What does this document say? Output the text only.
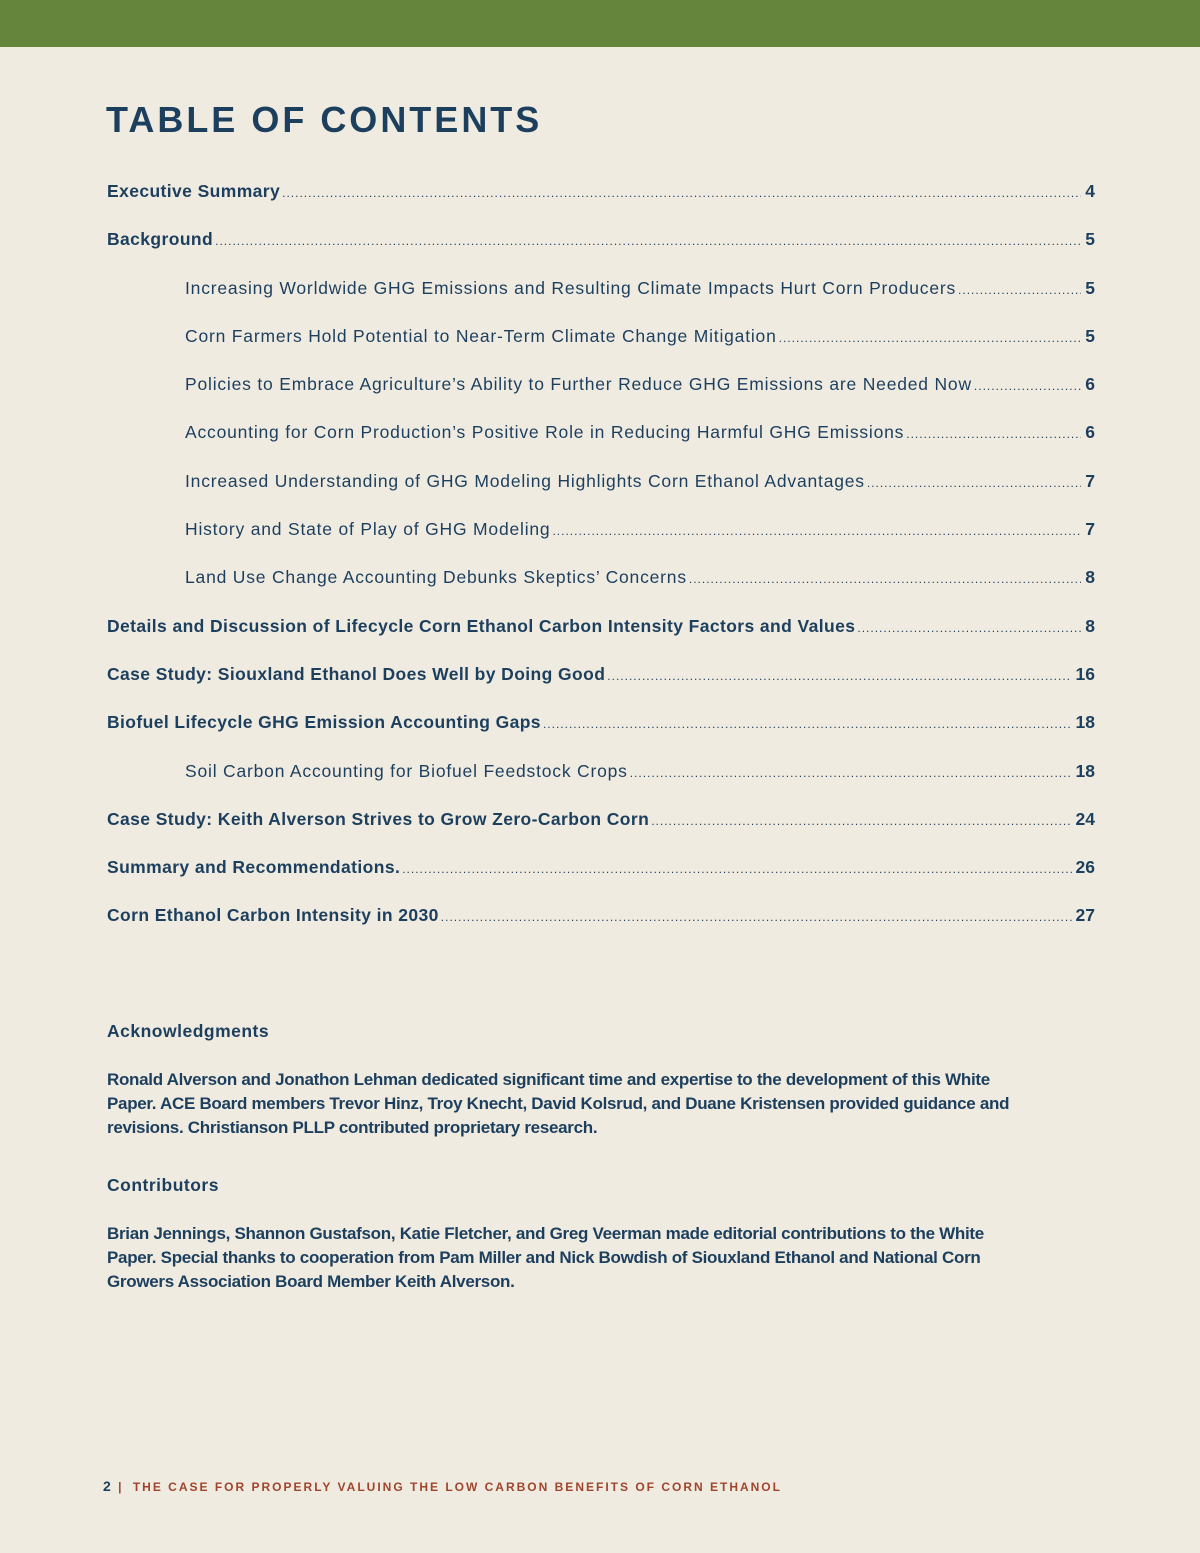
TABLE OF CONTENTS
Executive Summary .....	4
Background .....	5
Increasing Worldwide GHG Emissions and Resulting Climate Impacts Hurt Corn Producers .....	5
Corn Farmers Hold Potential to Near-Term Climate Change Mitigation .....	5
Policies to Embrace Agriculture’s Ability to Further Reduce GHG Emissions are Needed Now .....	6
Accounting for Corn Production’s Positive Role in Reducing Harmful GHG Emissions .....	6
Increased Understanding of GHG Modeling Highlights Corn Ethanol Advantages .....	7
History and State of Play of GHG Modeling .....	7
Land Use Change Accounting Debunks Skeptics’ Concerns .....	8
Details and Discussion of Lifecycle Corn Ethanol Carbon Intensity Factors and Values .....	8
Case Study: Siouxland Ethanol Does Well by Doing Good .....	16
Biofuel Lifecycle GHG Emission Accounting Gaps .....	18
Soil Carbon Accounting for Biofuel Feedstock Crops .....	18
Case Study: Keith Alverson Strives to Grow Zero-Carbon Corn .....	24
Summary and Recommendations. .....	26
Corn Ethanol Carbon Intensity in 2030 .....	27
Acknowledgments

Ronald Alverson and Jonathon Lehman dedicated significant time and expertise to the development of this White Paper. ACE Board members Trevor Hinz, Troy Knecht, David Kolsrud, and Duane Kristensen provided guidance and revisions. Christianson PLLP contributed proprietary research.

Contributors

Brian Jennings, Shannon Gustafson, Katie Fletcher, and Greg Veerman made editorial contributions to the White Paper. Special thanks to cooperation from Pam Miller and Nick Bowdish of Siouxland Ethanol and National Corn Growers Association Board Member Keith Alverson.

2 | THE CASE FOR PROPERLY VALUING THE LOW CARBON BENEFITS OF CORN ETHANOL
